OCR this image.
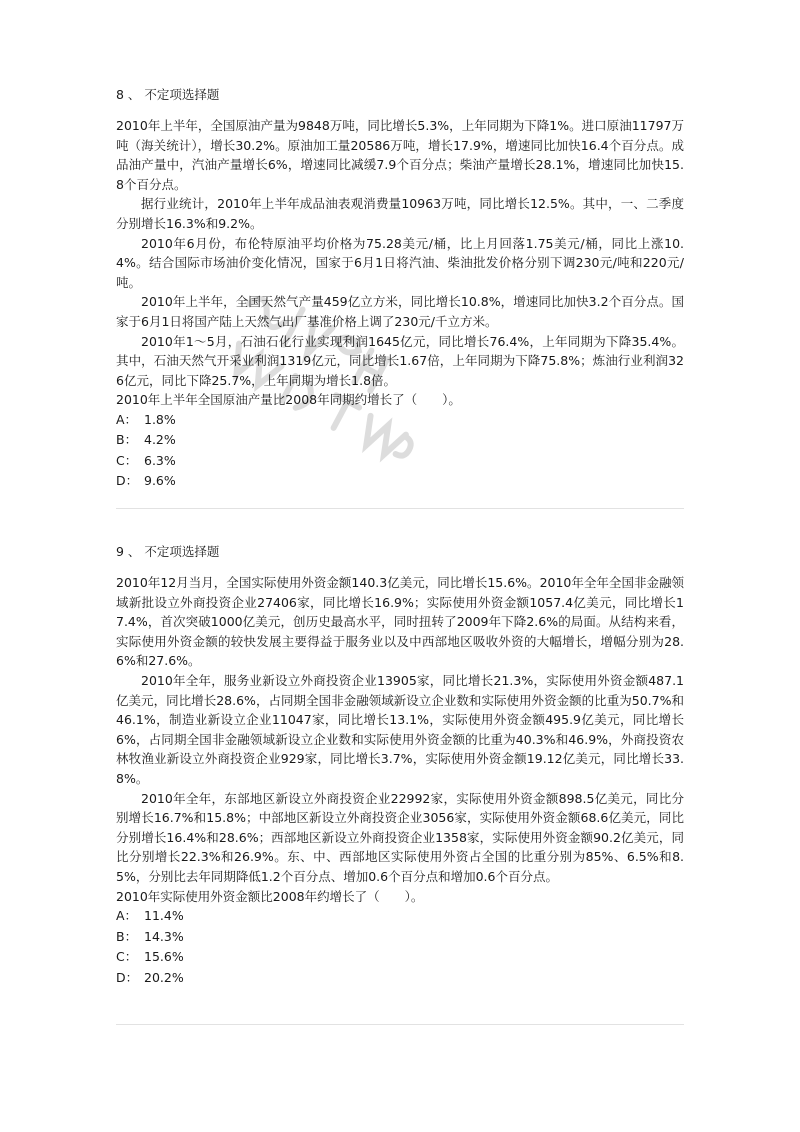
8 、 不定项选择题

2010年上半年，全国原油产量为9848万吨，同比增长5.3%，上年同期为下降1%。进口原油11797万吨（海关统计），增长30.2%。原油加工量20586万吨，增长17.9%，增速同比加快16.4个百分点。成品油产量中，汽油产量增长6%，增速同比减缓7.9个百分点；柴油产量增长28.1%，增速同比加快15.8个百分点。

据行业统计，2010年上半年成品油表观消费量10963万吨，同比增长12.5%。其中，一、二季度分别增长16.3%和9.2%。

2010年6月份，布伦特原油平均价格为75.28美元/桶，比上月回落1.75美元/桶，同比上涨10.4%。结合国际市场油价变化情况，国家于6月1日将汽油、柴油批发价格分别下调230元/吨和220元/吨。

2010年上半年，全国天然气产量459亿立方米，同比增长10.8%，增速同比加快3.2个百分点。国家于6月1日将国产陆上天然气出厂基准价格上调了230元/千立方米。

2010年1～5月，石油石化行业实现利润1645亿元，同比增长76.4%，上年同期为下降35.4%。其中，石油天然气开采业利润1319亿元，同比增长1.67倍，上年同期为下降75.8%；炼油行业利润326亿元，同比下降25.7%，上年同期为增长1.8倍。

2010年上半年全国原油产量比2008年同期约增长了（　　）。

A： 1.8%
B： 4.2%
C： 6.3%
D： 9.6%
9 、 不定项选择题

2010年12月当月，全国实际使用外资金额140.3亿美元，同比增长15.6%。2010年全年全国非金融领域新批设立外商投资企业27406家，同比增长16.9%；实际使用外资金额1057.4亿美元，同比增长17.4%，首次突破1000亿美元，创历史最高水平，同时扭转了2009年下降2.6%的局面。从结构来看，实际使用外资金额的较快发展主要得益于服务业以及中西部地区吸收外资的大幅增长，增幅分别为28.6%和27.6%。

2010年全年，服务业新设立外商投资企业13905家，同比增长21.3%，实际使用外资金额487.1亿美元，同比增长28.6%，占同期全国非金融领域新设立企业数和实际使用外资金额的比重为50.7%和46.1%，制造业新设立企业11047家，同比增长13.1%，实际使用外资金额495.9亿美元，同比增长6%，占同期全国非金融领域新设立企业数和实际使用外资金额的比重为40.3%和46.9%，外商投资农林牧渔业新设立外商投资企业929家，同比增长3.7%，实际使用外资金额19.12亿美元，同比增长33.8%。

2010年全年，东部地区新设立外商投资企业22992家，实际使用外资金额898.5亿美元，同比分别增长16.7%和15.8%；中部地区新设立外商投资企业3056家，实际使用外资金额68.6亿美元，同比分别增长16.4%和28.6%；西部地区新设立外商投资企业1358家，实际使用外资金额90.2亿美元，同比分别增长22.3%和26.9%。东、中、西部地区实际使用外资占全国的比重分别为85%、6.5%和8.5%，分别比去年同期降低1.2个百分点、增加0.6个百分点和增加0.6个百分点。

2010年实际使用外资金额比2008年约增长了（　　）。

A： 11.4%
B： 14.3%
C： 15.6%
D： 20.2%
